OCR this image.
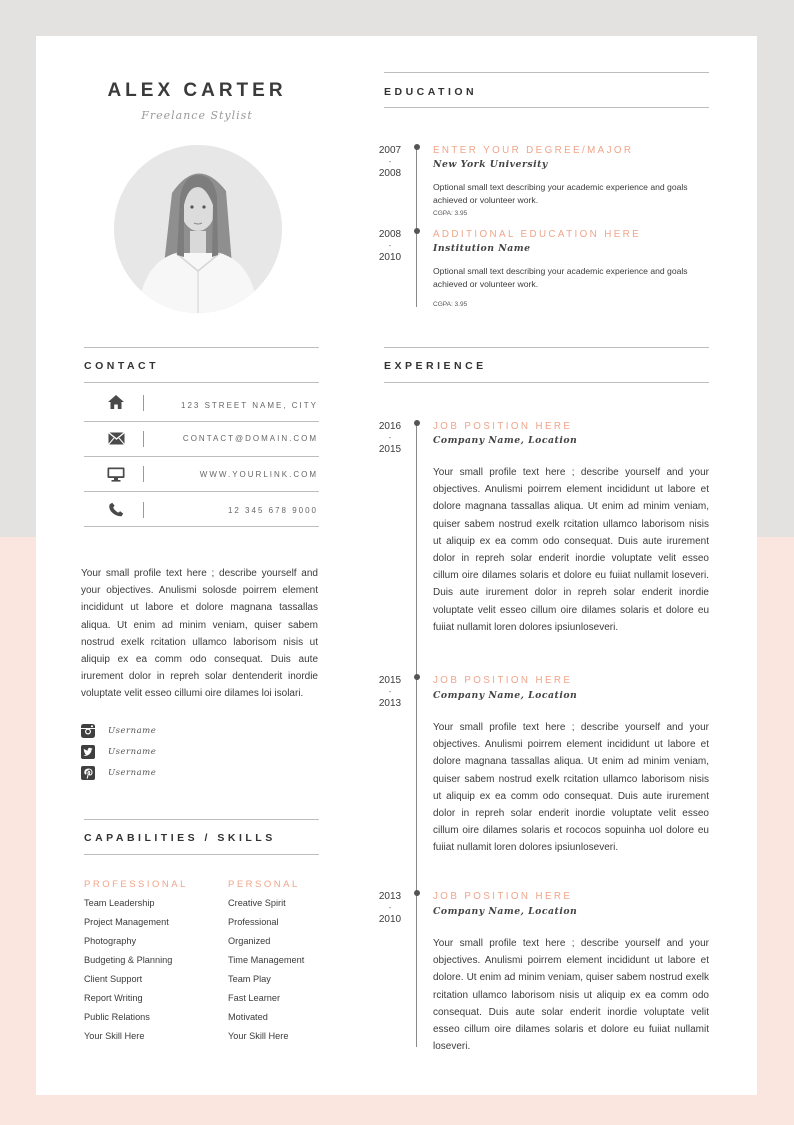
ALEX CARTER
Freelance Stylist
CONTACT
123 STREET NAME, CITY
CONTACT@DOMAIN.COM
WWW.YOURLINK.COM
12 345 678 9000
Your small profile text here ; describe yourself and your objectives. Anulismi solosde poirrem element incididunt ut labore et dolore magnana tassallas aliqua. Ut enim ad minim veniam, quiser sabem nostrud exelk rcitation ullamco laborisom nisis ut aliquip ex ea comm odo consequat. Duis aute irurement dolor in repreh solar dentenderit inordie voluptate velit esseo cillumi oire dilames loi isolari.
Username
Username
Username
CAPABILITIES / SKILLS
PROFESSIONAL	PERSONAL
Team Leadership
Project Management
Photography
Budgeting & Planning
Client Support
Report Writing
Public Relations
Your Skill Here
Creative Spirit
Professional
Organized
Time Management
Team Play
Fast Learner
Motivated
Your Skill Here
EDUCATION
2007
-
2008
ENTER YOUR DEGREE/MAJOR
New York University
Optional small text describing your academic experience and goals achieved or volunteer work.
CGPA: 3.95
2008
-
2010
ADDITIONAL EDUCATION HERE
Institution Name
Optional small text describing your academic experience and goals achieved or volunteer work.
CGPA: 3.95
EXPERIENCE
2016
-
2015
JOB POSITION HERE
Company Name, Location
Your small profile text here ; describe yourself and your objectives. Anulismi poirrem element incididunt ut labore et dolore magnana tassallas aliqua. Ut enim ad minim veniam, quiser sabem nostrud exelk rcitation ullamco laborisom nisis ut aliquip ex ea comm odo consequat. Duis aute irurement dolor in repreh solar enderit inordie voluptate velit esseo cillum oire dilames solaris et dolore eu fuiiat nullamit loseveri. Duis aute irurement dolor in repreh solar enderit inordie voluptate velit esseo cillum oire dilames solaris et dolore eu fuiiat nullamit loren dolores ipsiunloseveri.
2015
-
2013
JOB POSITION HERE
Company Name, Location
Your small profile text here ; describe yourself and your objectives. Anulismi poirrem element incididunt ut labore et dolore magnana tassallas aliqua. Ut enim ad minim veniam, quiser sabem nostrud exelk rcitation ullamco laborisom nisis ut aliquip ex ea comm odo consequat. Duis aute irurement dolor in repreh solar enderit inordie voluptate velit esseo cillum oire dilames solaris et rococos sopuinha uol dolore eu fuiiat nullamit loren dolores ipsiunloseveri.
2013
-
2010
JOB POSITION HERE
Company Name, Location
Your small profile text here ; describe yourself and your objectives. Anulismi poirrem element incididunt ut labore et dolore. Ut enim ad minim veniam, quiser sabem nostrud exelk rcitation ullamco laborisom nisis ut aliquip ex ea comm odo consequat. Duis aute solar enderit inordie voluptate velit esseo cillum oire dilames solaris et dolore eu fuiiat nullamit loseveri.
